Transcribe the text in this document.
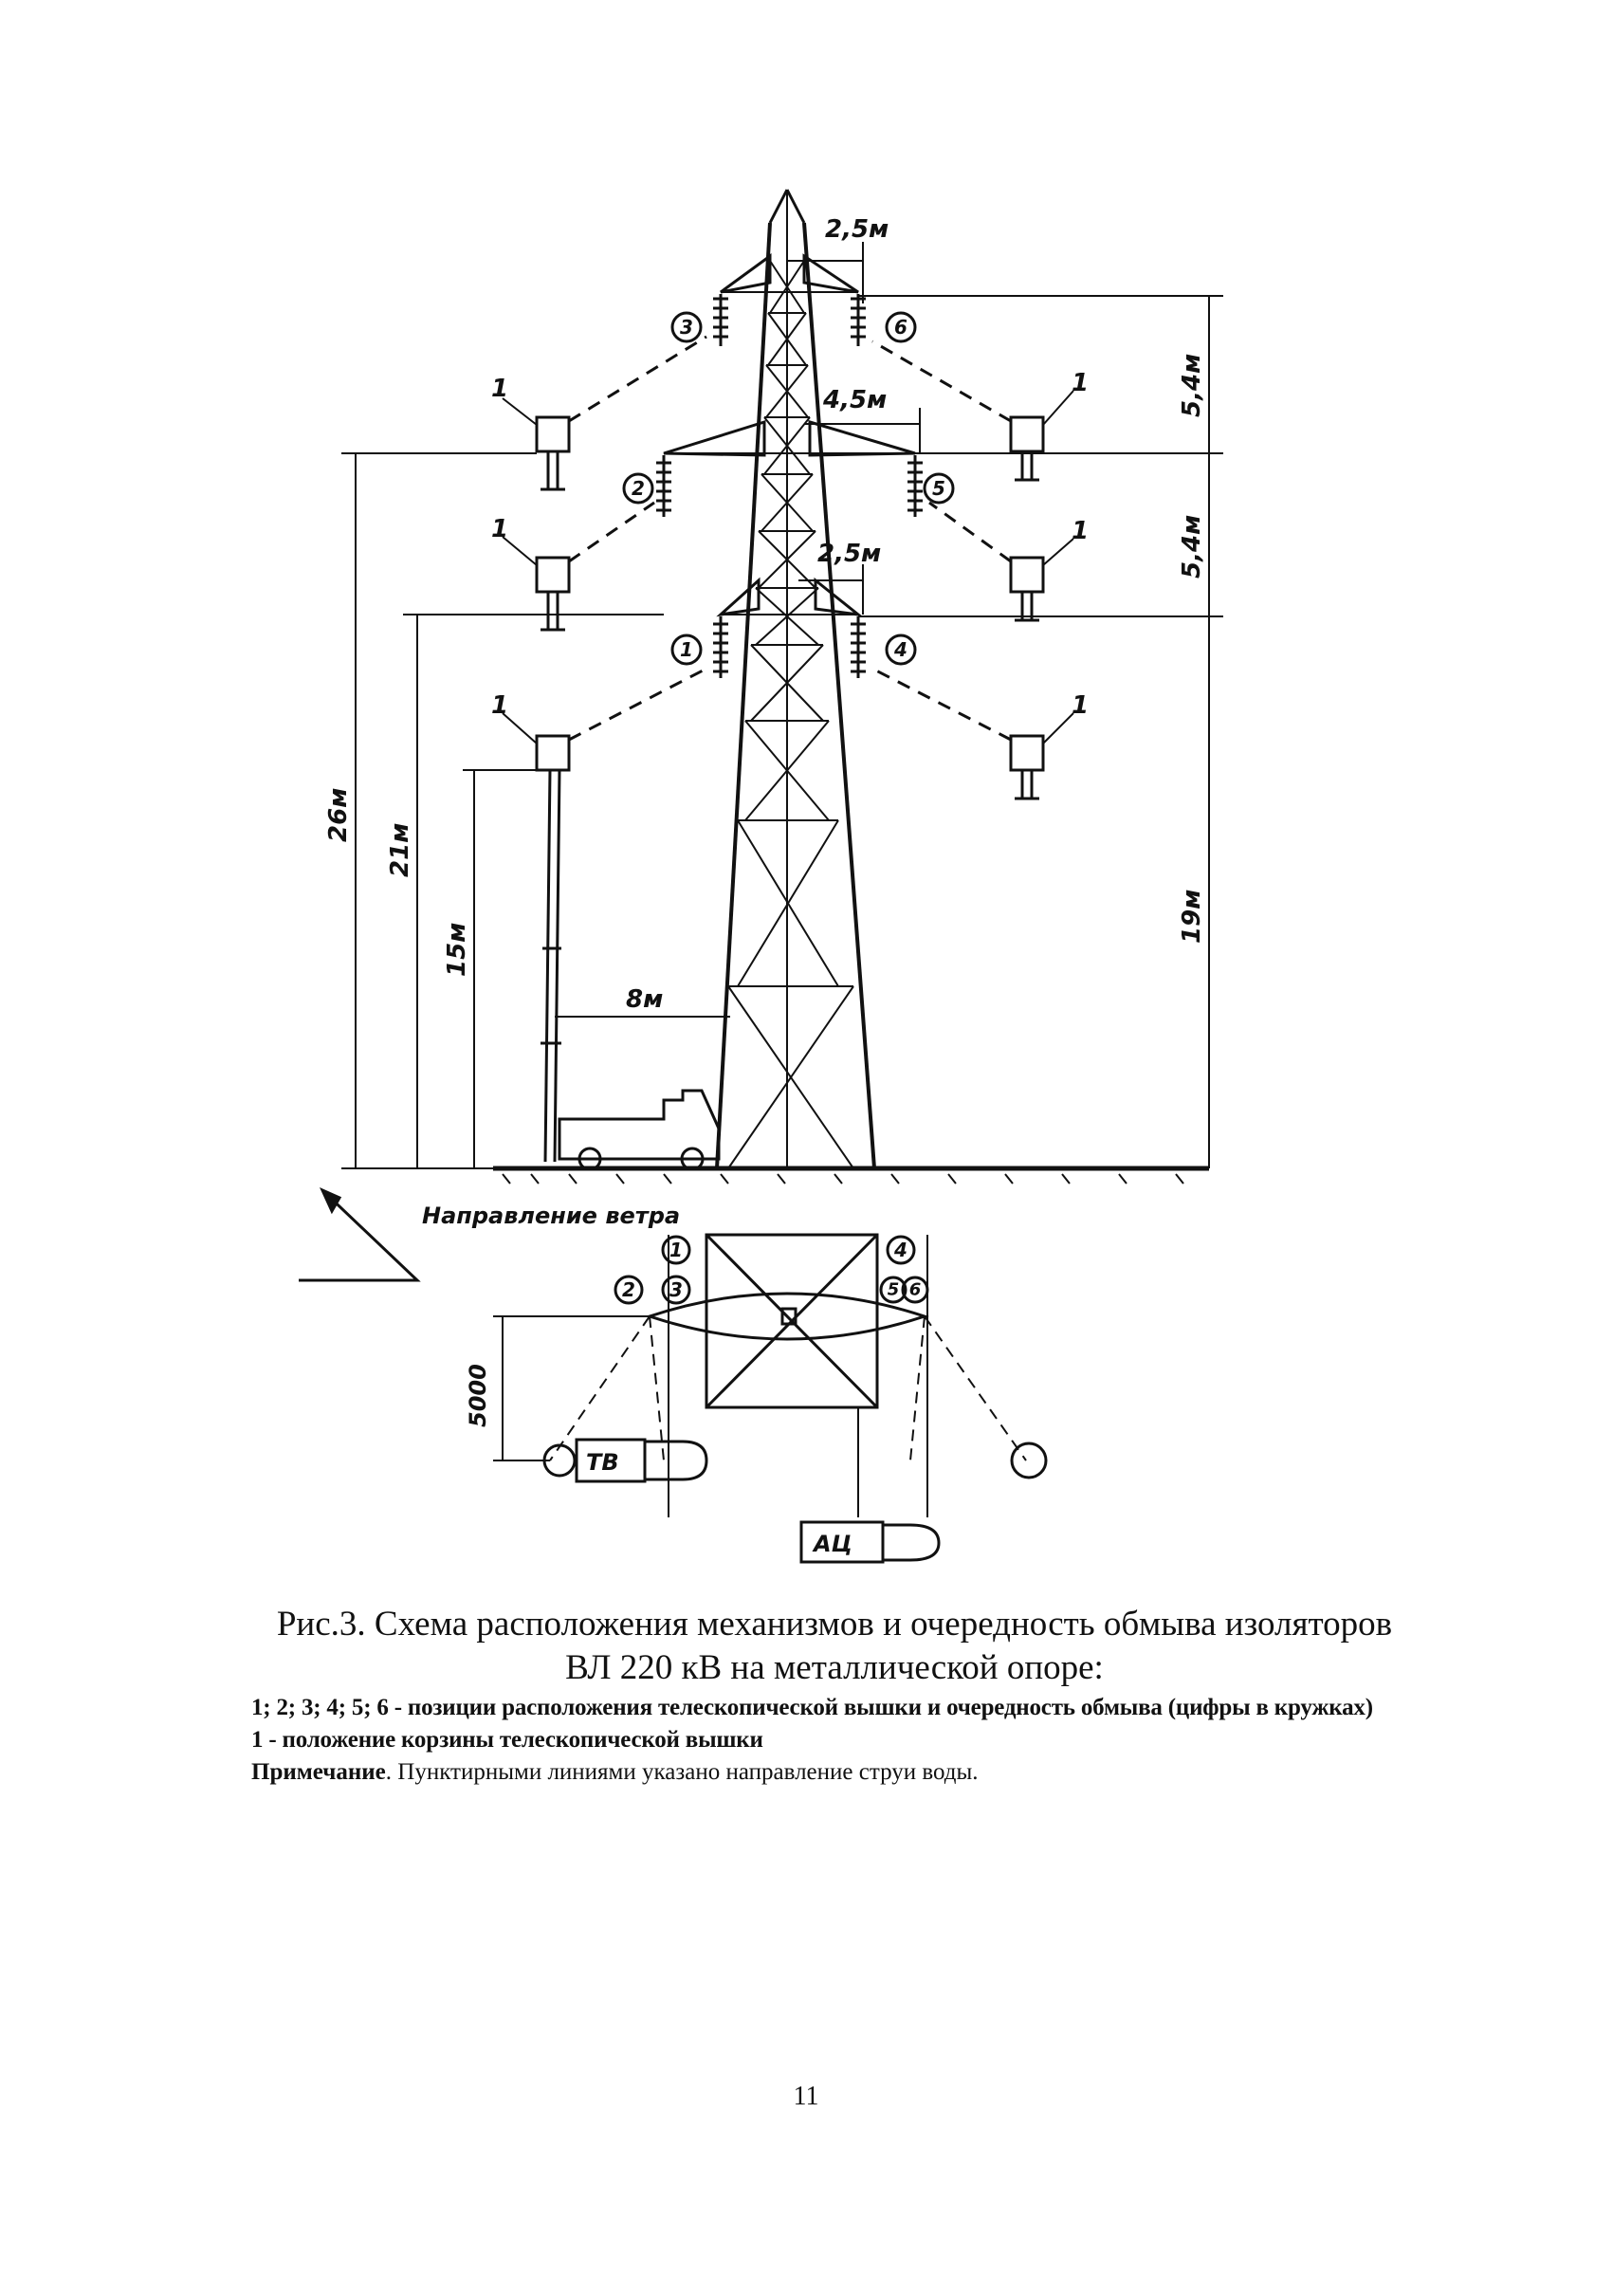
3	6
2	5
1	4
1
2 3
4
5 6
1
1
1
1
1
1
2,5м
4,5м
2,5м
8м
ТВ
АЦ
Направление ветра
5,4м
5,4м
19м
26м
21м
15м
5000
Рис.3. Схема расположения механизмов и очередность обмыва изоляторов ВЛ 220 кВ на металлической опоре:
1; 2; 3; 4; 5; 6 - позиции расположения телескопической вышки и очередность обмыва (цифры в кружках)
1 - положение корзины телескопической вышки
Примечание. Пунктирными линиями указано направление струи воды.
11
